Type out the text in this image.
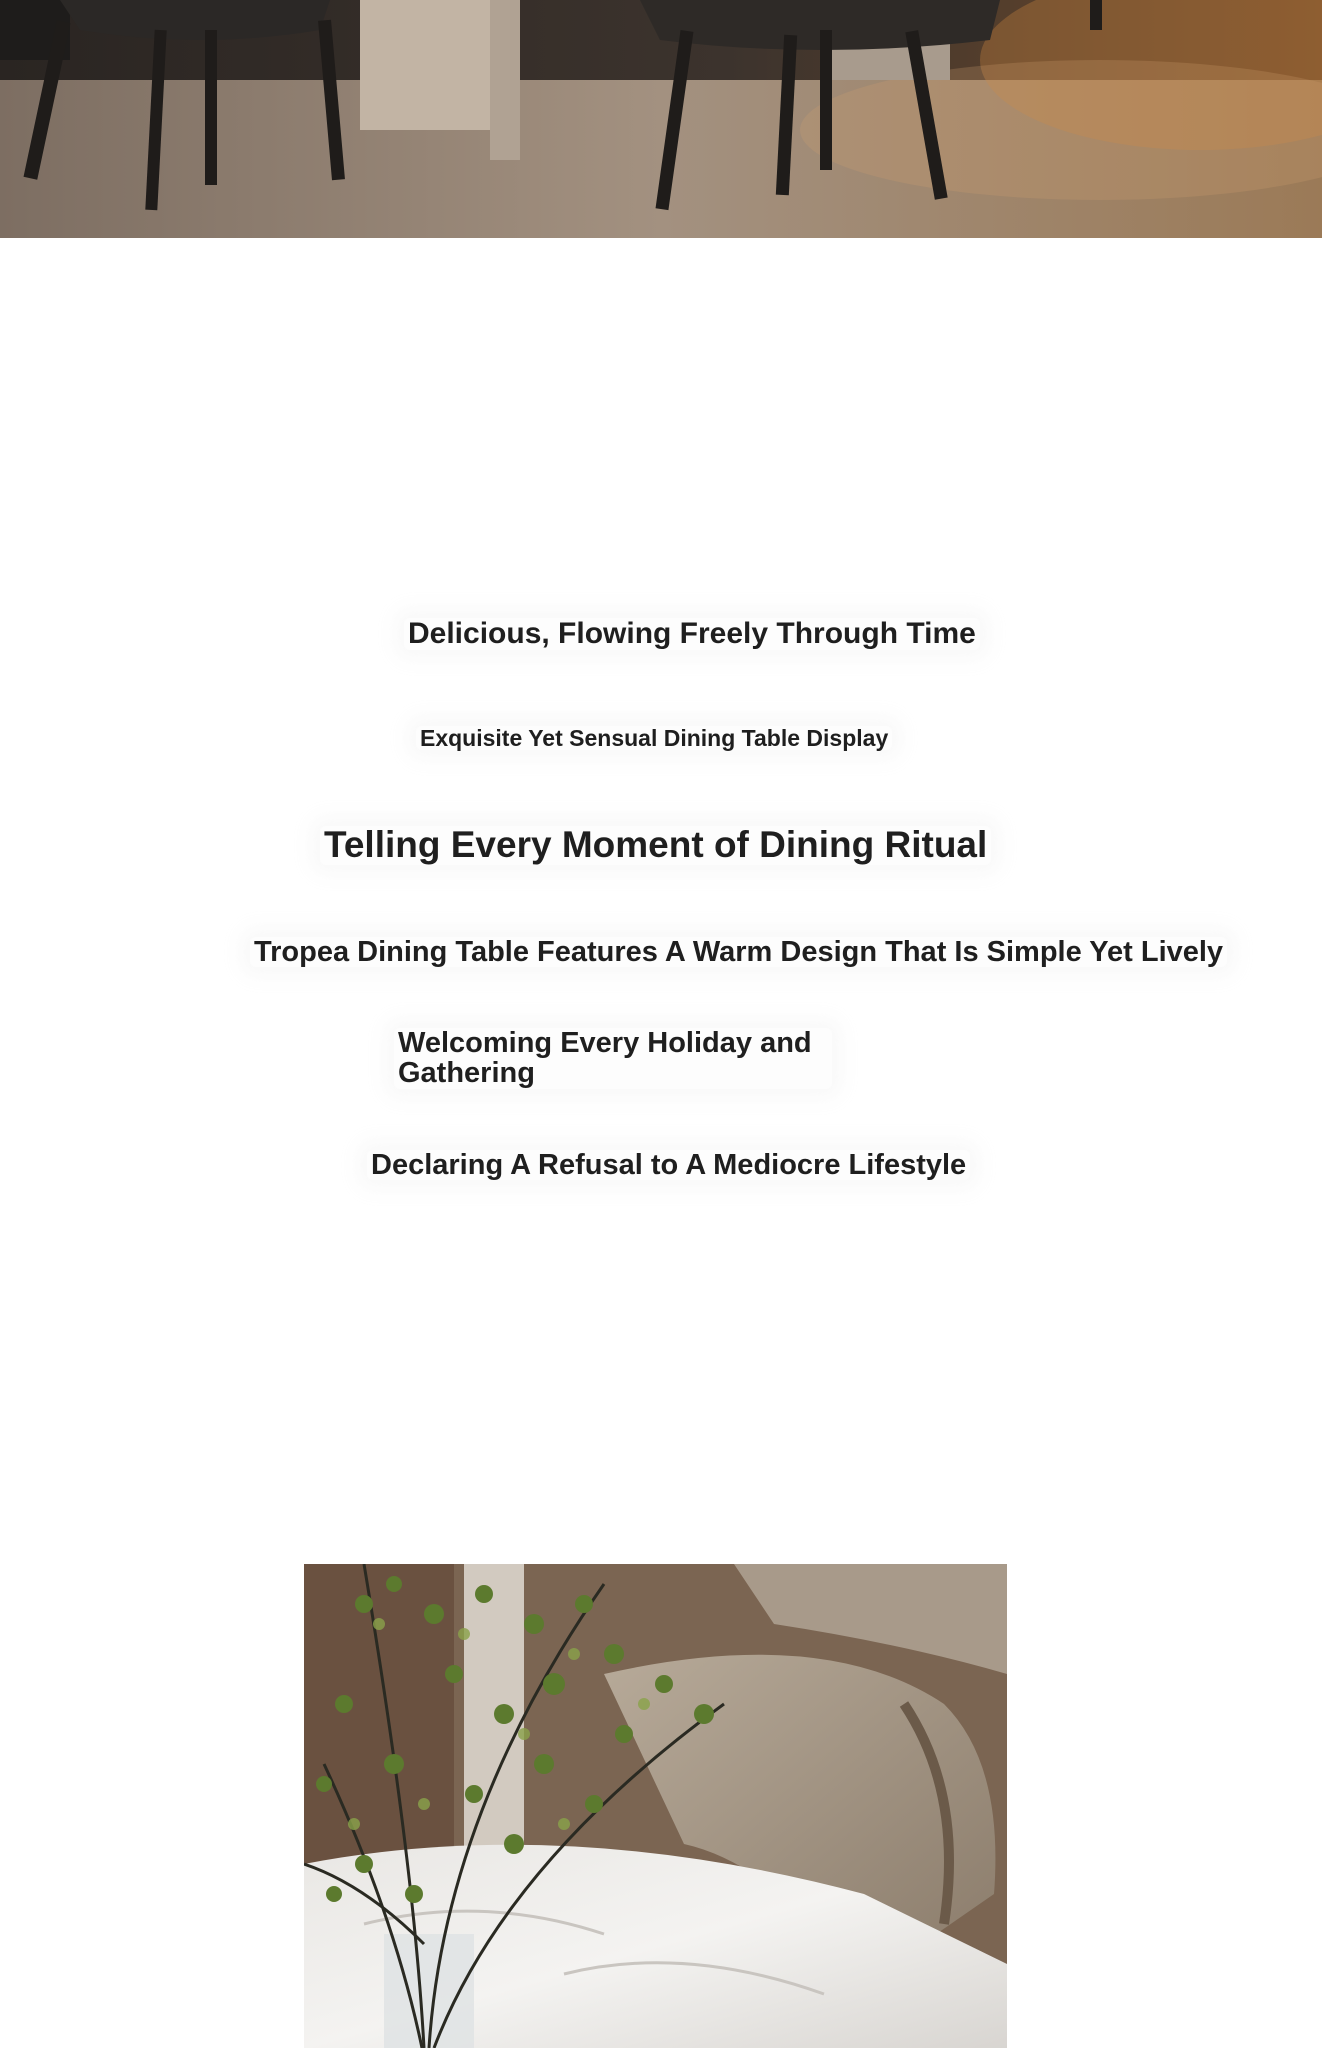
Delicious, Flowing Freely Through Time
Exquisite Yet Sensual Dining Table Display
Telling Every Moment of Dining Ritual
Tropea Dining Table Features A Warm Design That Is Simple Yet Lively
Welcoming Every Holiday and Gathering
Declaring A Refusal to A Mediocre Lifestyle
